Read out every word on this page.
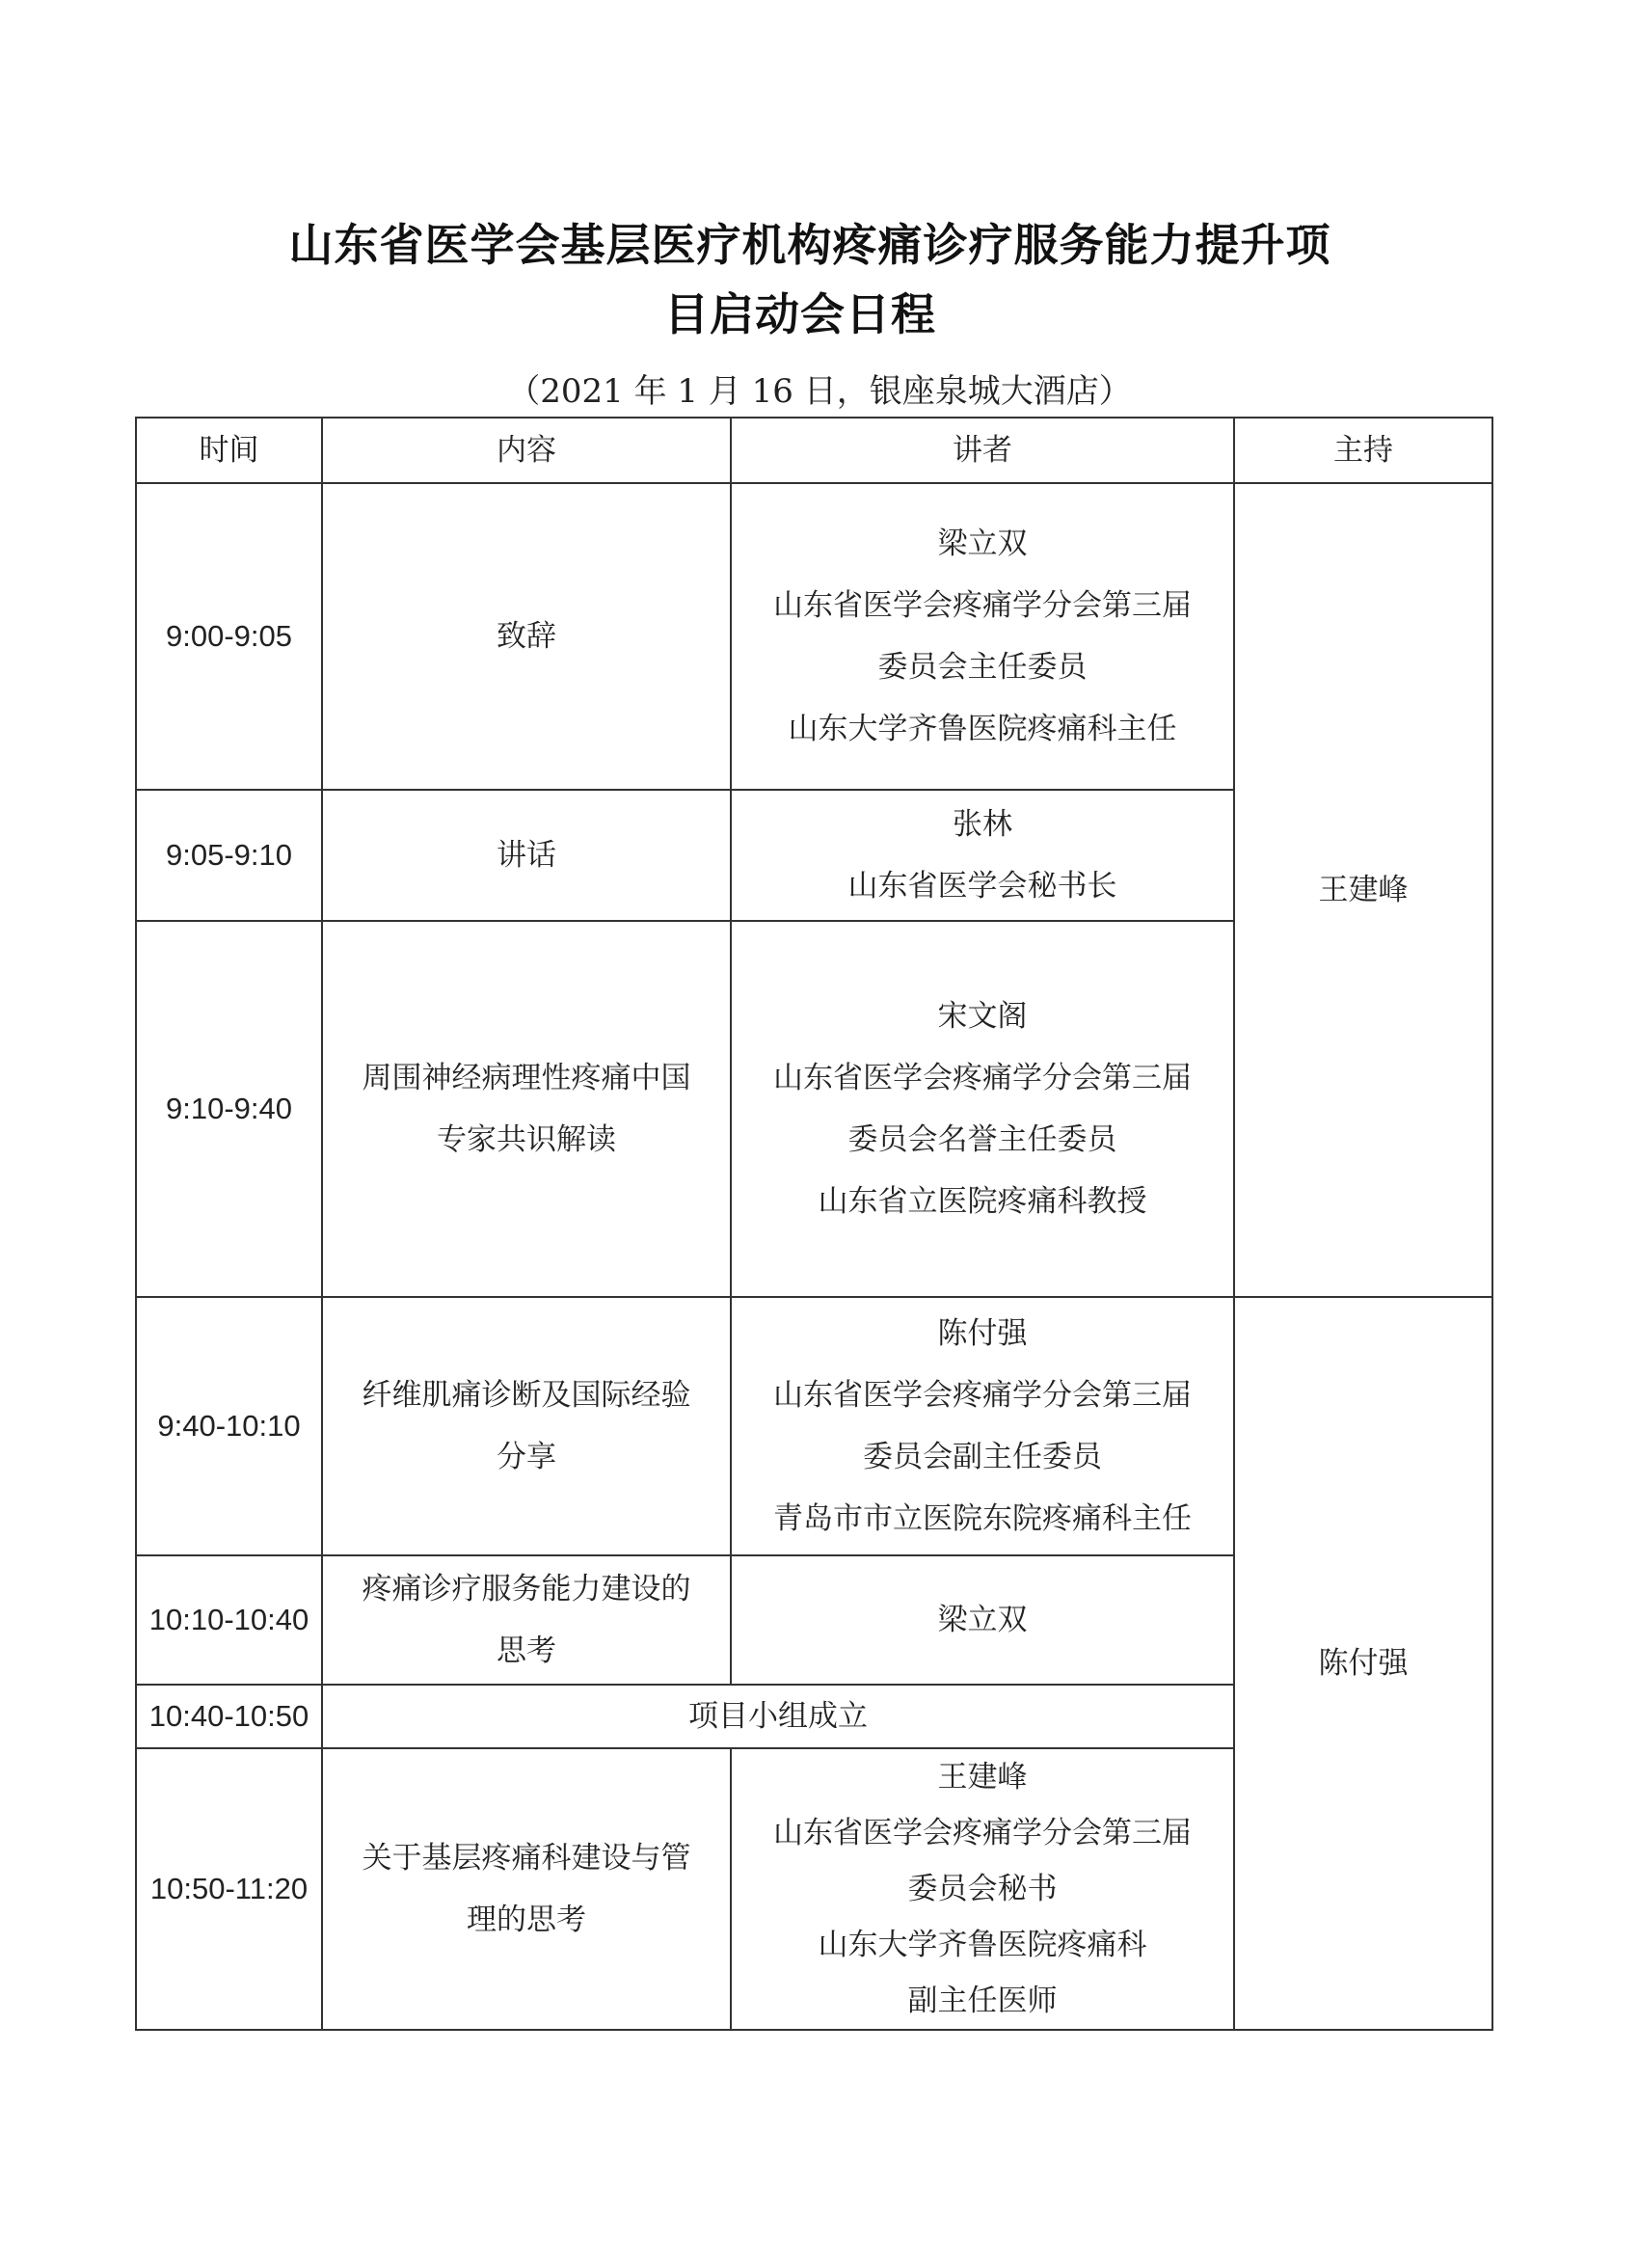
山东省医学会基层医疗机构疼痛诊疗服务能力提升项
目启动会日程
（2021 年 1 月 16 日，银座泉城大酒店）
时间	内容	讲者	主持
9:00-9:05	致辞	梁立双
山东省医学会疼痛学分会第三届
委员会主任委员
山东大学齐鲁医院疼痛科主任	王建峰
9:05-9:10	讲话	张林
山东省医学会秘书长	

9:10-9:40	周围神经病理性疼痛中国
专家共识解读	宋文阁
山东省医学会疼痛学分会第三届
委员会名誉主任委员
山东省立医院疼痛科教授	

9:40-10:10	纤维肌痛诊断及国际经验
分享	陈付强
山东省医学会疼痛学分会第三届
委员会副主任委员
青岛市市立医院东院疼痛科主任	陈付强
10:10-10:40	疼痛诊疗服务能力建设的
思考	梁立双	

10:40-10:50	项目小组成立		
10:50-11:20	关于基层疼痛科建设与管
理的思考	王建峰
山东省医学会疼痛学分会第三届
委员会秘书
山东大学齐鲁医院疼痛科
副主任医师	
